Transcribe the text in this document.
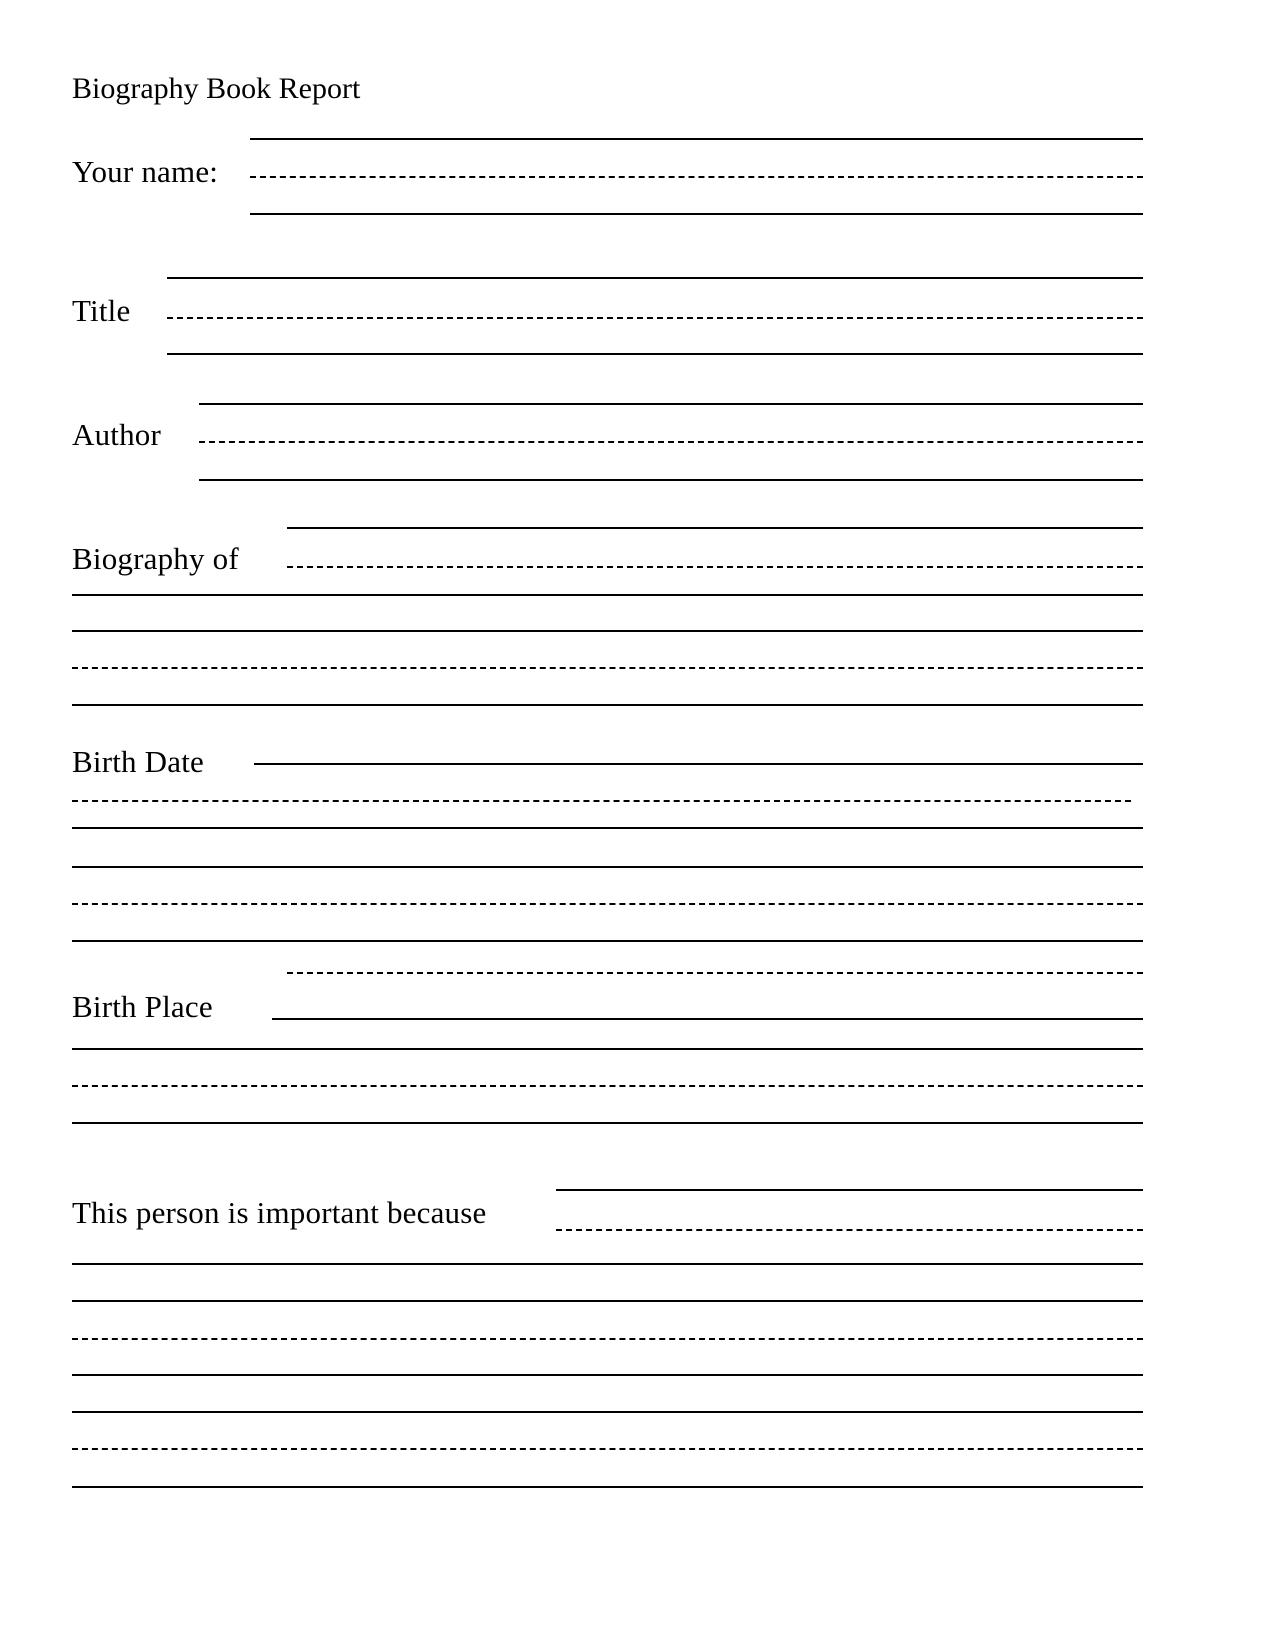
Biography Book Report
Your name:
Title
Author
Biography of
Birth Date
Birth Place
This person is important because
